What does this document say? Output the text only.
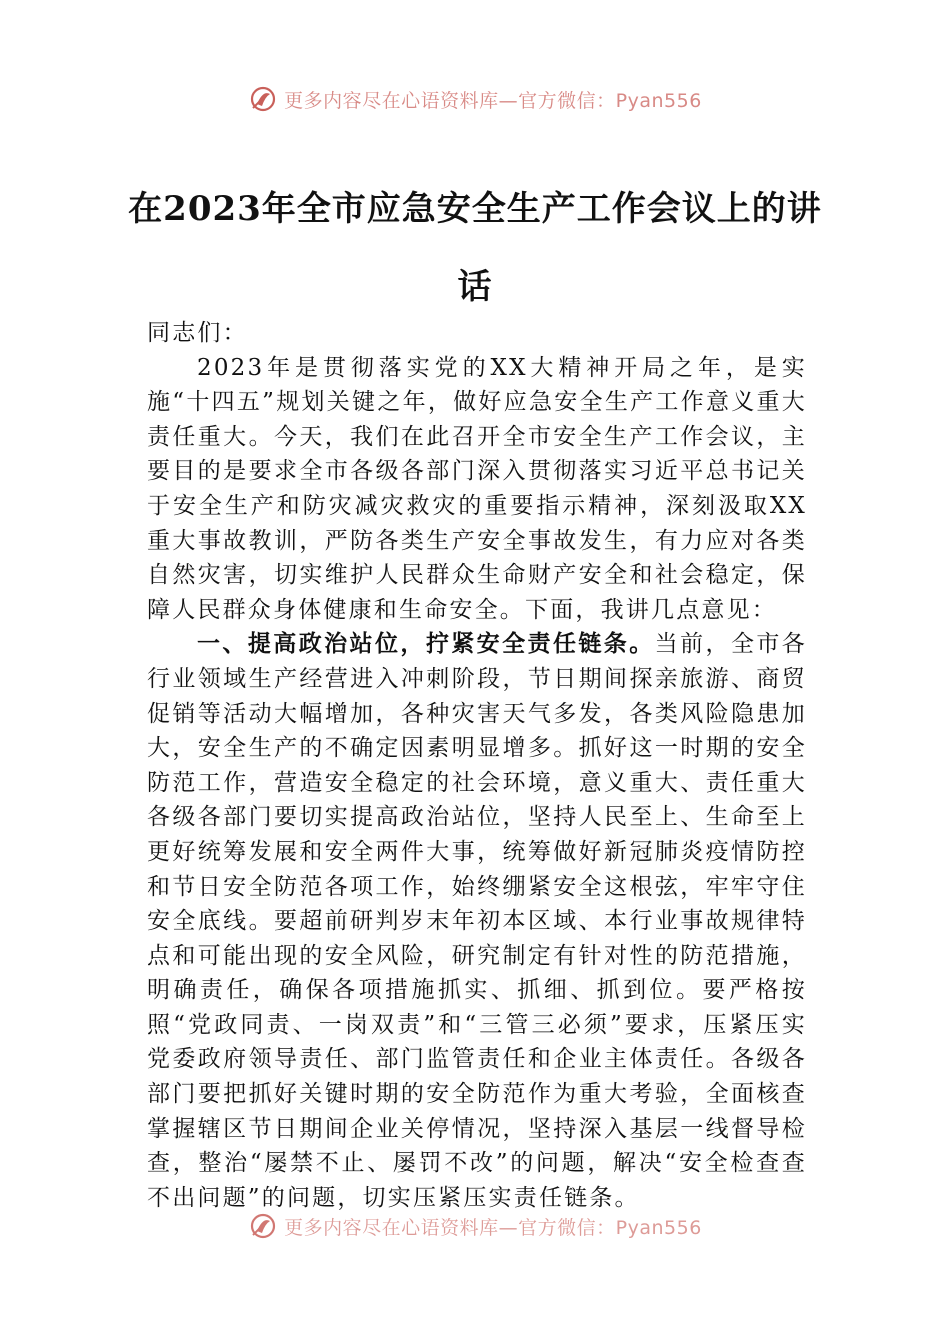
更多内容尽在心语资料库—官方微信：Pyan556
在2023年全市应急安全生产工作会议上的讲话

同志们：

2023年是贯彻落实党的XX大精神开局之年，是实施“十四五”规划关键之年，做好应急安全生产工作意义重大责任重大。今天，我们在此召开全市安全生产工作会议，主要目的是要求全市各级各部门深入贯彻落实习近平总书记关于安全生产和防灾减灾救灾的重要指示精神，深刻汲取XX重大事故教训，严防各类生产安全事故发生，有力应对各类自然灾害，切实维护人民群众生命财产安全和社会稳定，保障人民群众身体健康和生命安全。下面，我讲几点意见：

一、提高政治站位，拧紧安全责任链条。当前，全市各行业领域生产经营进入冲刺阶段，节日期间探亲旅游、商贸促销等活动大幅增加，各种灾害天气多发，各类风险隐患加大，安全生产的不确定因素明显增多。抓好这一时期的安全防范工作，营造安全稳定的社会环境，意义重大、责任重大各级各部门要切实提高政治站位，坚持人民至上、生命至上更好统筹发展和安全两件大事，统筹做好新冠肺炎疫情防控和节日安全防范各项工作，始终绷紧安全这根弦，牢牢守住安全底线。要超前研判岁末年初本区域、本行业事故规律特点和可能出现的安全风险，研究制定有针对性的防范措施，明确责任，确保各项措施抓实、抓细、抓到位。要严格按照“党政同责、一岗双责”和“三管三必须”要求，压紧压实党委政府领导责任、部门监管责任和企业主体责任。各级各部门要把抓好关键时期的安全防范作为重大考验，全面核查掌握辖区节日期间企业关停情况，坚持深入基层一线督导检查，整治“屡禁不止、屡罚不改”的问题，解决“安全检查查不出问题”的问题，切实压紧压实责任链条。

更多内容尽在心语资料库—官方微信：Pyan556
